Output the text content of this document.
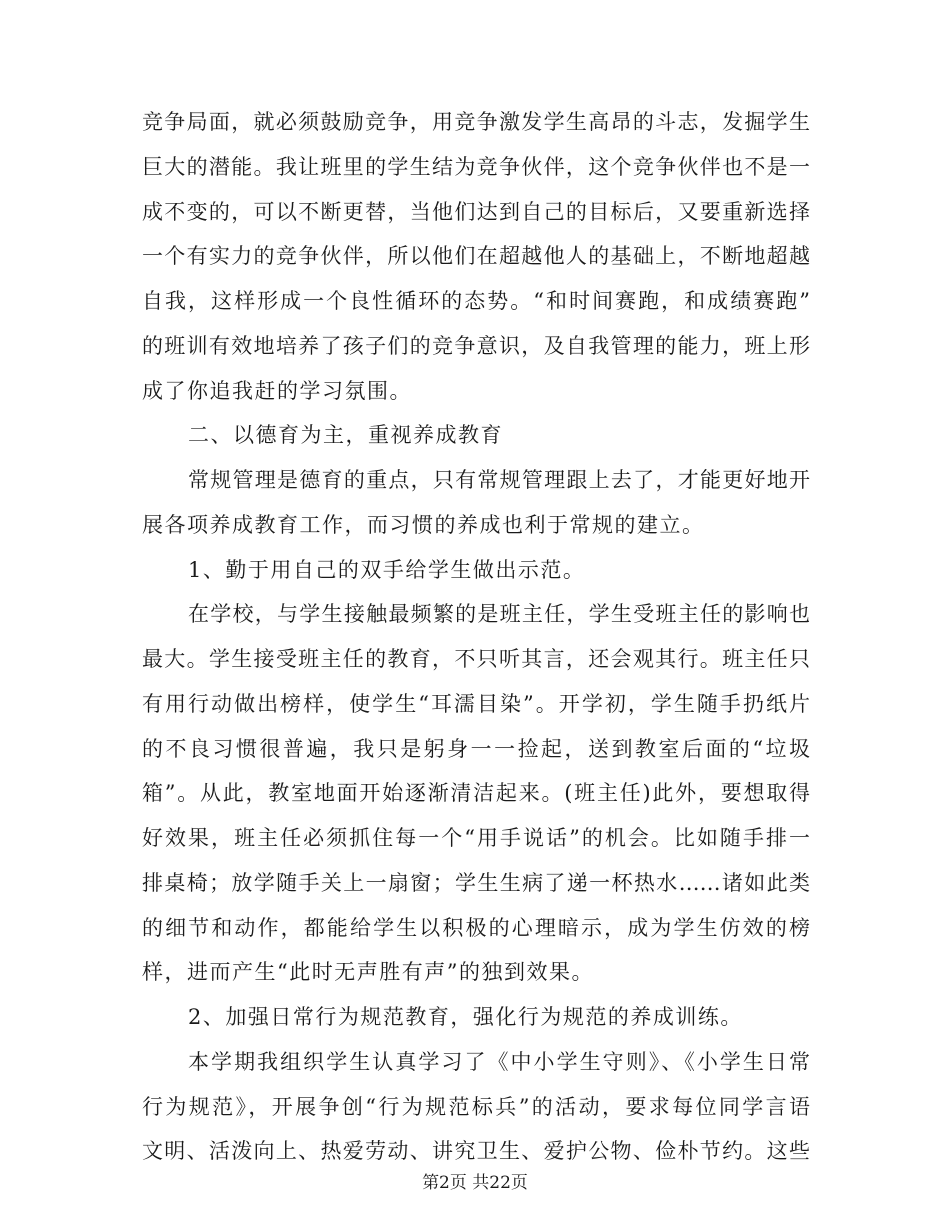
竞争局面，就必须鼓励竞争，用竞争激发学生高昂的斗志，发掘学生
巨大的潜能。我让班里的学生结为竞争伙伴，这个竞争伙伴也不是一
成不变的，可以不断更替，当他们达到自己的目标后，又要重新选择
一个有实力的竞争伙伴，所以他们在超越他人的基础上，不断地超越
自我，这样形成一个良性循环的态势。“和时间赛跑，和成绩赛跑”
的班训有效地培养了孩子们的竞争意识，及自我管理的能力，班上形
成了你追我赶的学习氛围。
二、以德育为主，重视养成教育
常规管理是德育的重点，只有常规管理跟上去了，才能更好地开
展各项养成教育工作，而习惯的养成也利于常规的建立。
1、勤于用自己的双手给学生做出示范。
在学校，与学生接触最频繁的是班主任，学生受班主任的影响也
最大。学生接受班主任的教育，不只听其言，还会观其行。班主任只
有用行动做出榜样，使学生“耳濡目染”。开学初，学生随手扔纸片
的不良习惯很普遍，我只是躬身一一捡起，送到教室后面的“垃圾
箱”。从此，教室地面开始逐渐清洁起来。(班主任)此外，要想取得
好效果，班主任必须抓住每一个“用手说话”的机会。比如随手排一
排桌椅；放学随手关上一扇窗；学生生病了递一杯热水……诸如此类
的细节和动作，都能给学生以积极的心理暗示，成为学生仿效的榜
样，进而产生“此时无声胜有声”的独到效果。
2、加强日常行为规范教育，强化行为规范的养成训练。
本学期我组织学生认真学习了《中小学生守则》、《小学生日常
行为规范》，开展争创“行为规范标兵”的活动，要求每位同学言语
文明、活泼向上、热爱劳动、讲究卫生、爱护公物、俭朴节约。这些
第2页 共22页
